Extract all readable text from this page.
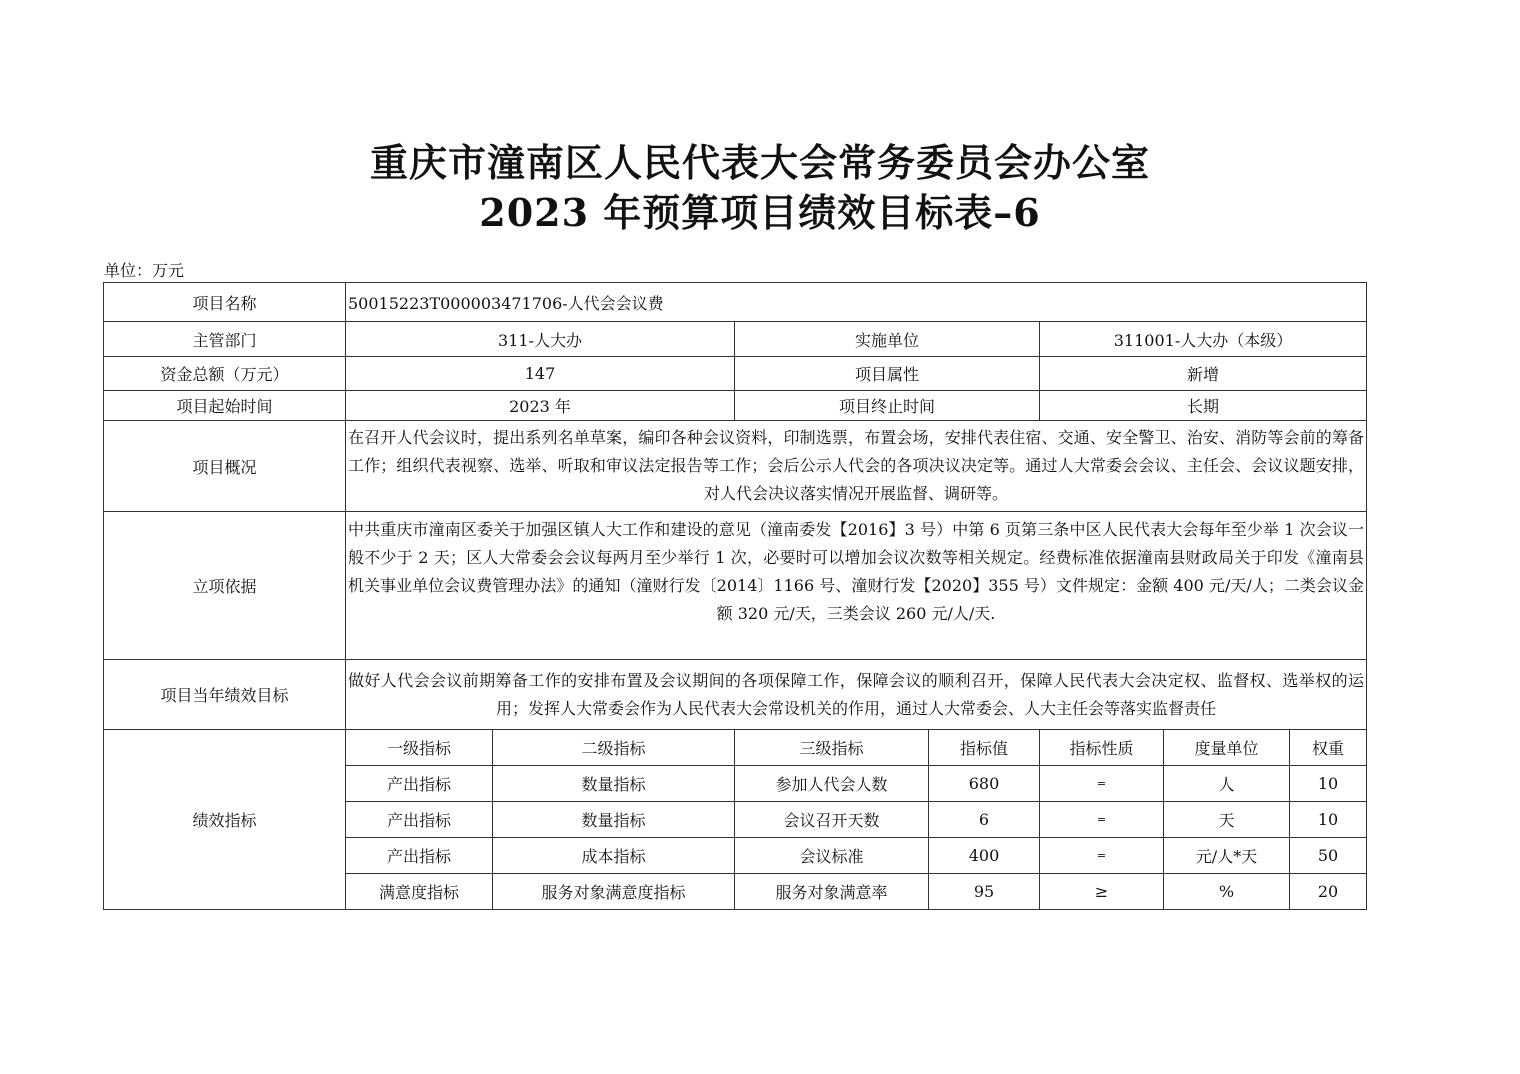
重庆市潼南区人民代表大会常务委员会办公室
2023 年预算项目绩效目标表–6
单位：万元
项目名称	50015223T000003471706-人代会会议费						
主管部门	311-人大办		实施单位		311001-人大办（本级）		
资金总额（万元）	147		项目属性		新增		
项目起始时间	2023 年		项目终止时间		长期		
项目概况	在召开人代会议时，提出系列名单草案，编印各种会议资料，印制选票，布置会场，安排代表住宿、交通、安全警卫、治安、消防等会前的筹备工作；组织代表视察、选举、听取和审议法定报告等工作；会后公示人代会的各项决议决定等。通过人大常委会会议、主任会、会议议题安排，对人代会决议落实情况开展监督、调研等。						
立项依据	中共重庆市潼南区委关于加强区镇人大工作和建设的意见（潼南委发【2016】3 号）中第 6 页第三条中区人民代表大会每年至少举 1 次会议一般不少于 2 天；区人大常委会会议每两月至少举行 1 次，必要时可以增加会议次数等相关规定。经费标准依据潼南县财政局关于印发《潼南县机关事业单位会议费管理办法》的通知（潼财行发〔2014〕1166 号、潼财行发【2020】355 号）文件规定：金额 400 元/天/人；二类会议金额 320 元/天，三类会议 260 元/人/天.						
项目当年绩效目标	做好人代会会议前期筹备工作的安排布置及会议期间的各项保障工作，保障会议的顺利召开，保障人民代表大会决定权、监督权、选举权的运用；发挥人大常委会作为人民代表大会常设机关的作用，通过人大常委会、人大主任会等落实监督责任						
绩效指标	一级指标	二级指标	三级指标	指标值	指标性质	度量单位	权重
	产出指标	数量指标	参加人代会人数	680	=	人	10
	产出指标	数量指标	会议召开天数	6	=	天	10
	产出指标	成本指标	会议标准	400	=	元/人*天	50
	满意度指标	服务对象满意度指标	服务对象满意率	95	≥	%	20
